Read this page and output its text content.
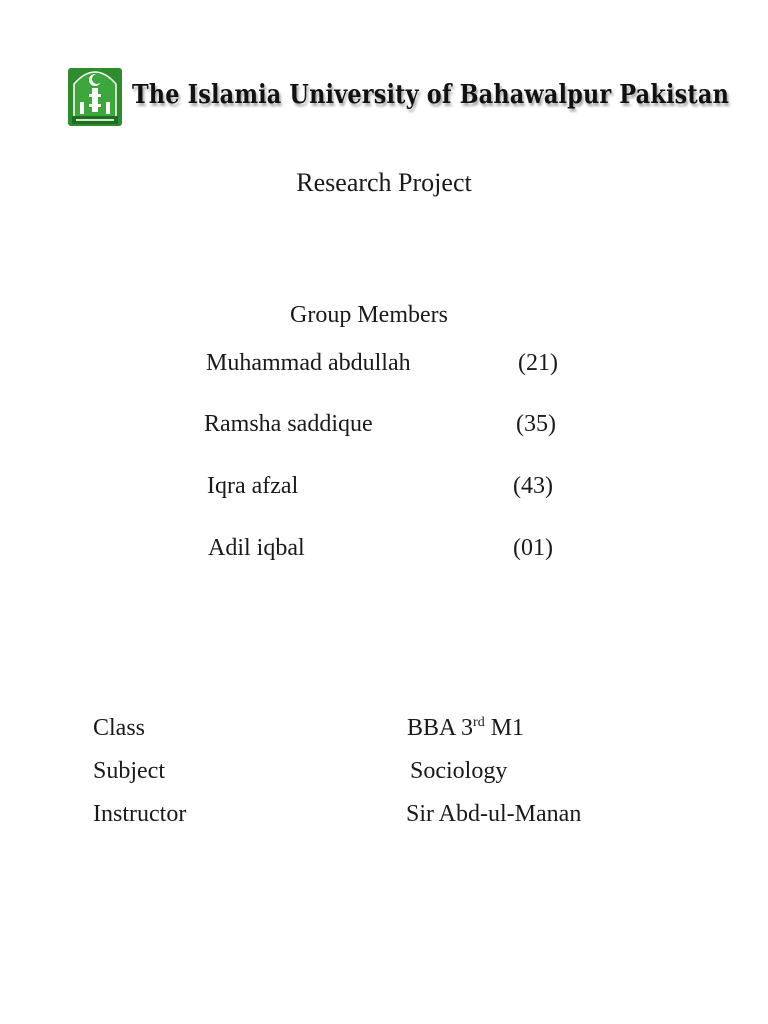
The Islamia University of Bahawalpur Pakistan
Research Project
Group Members
Muhammad abdullah	(21)
Ramsha saddique	(35)
Iqra afzal	(43)
Adil iqbal	(01)
Class	BBA 3rd M1
Subject	Sociology
Instructor	Sir Abd-ul-Manan
